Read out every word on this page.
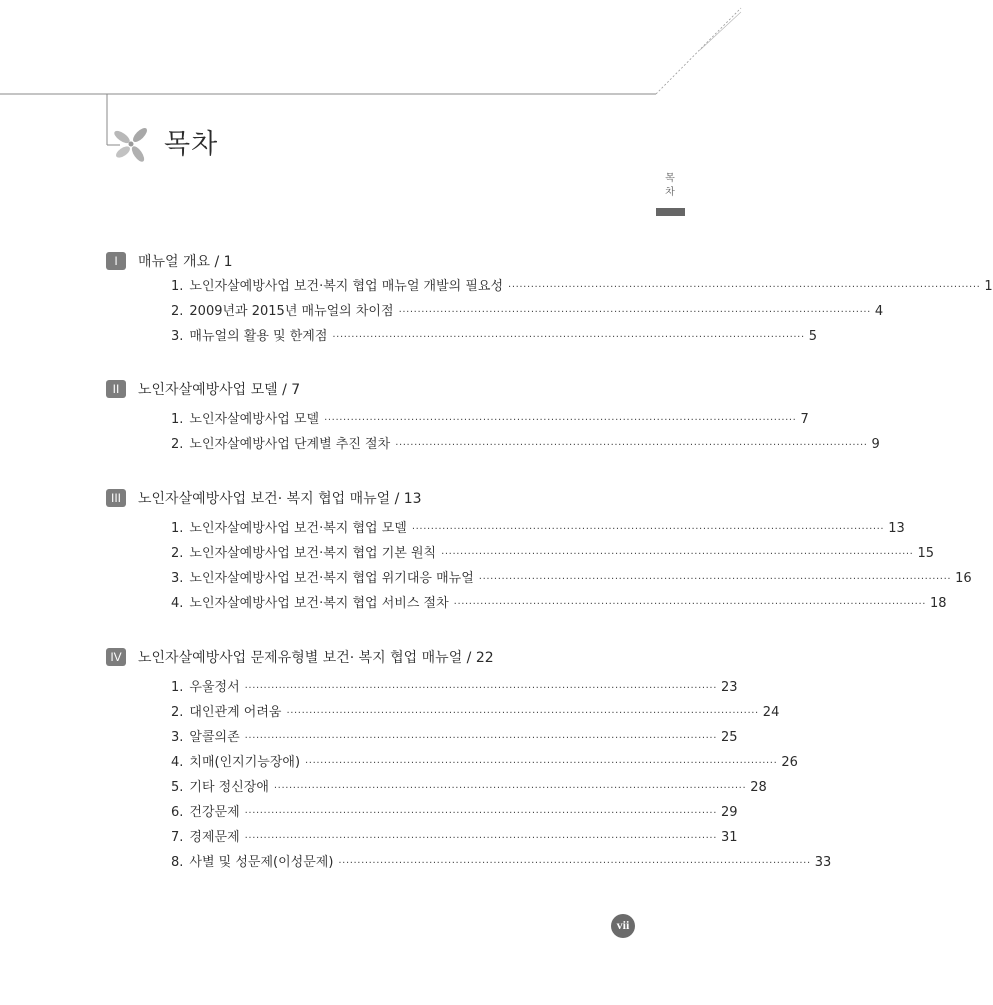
목차
목
차
I	매뉴얼 개요 / 1
1. 노인자살예방사업 보건·복지 협업 매뉴얼 개발의 필요성 ····························································································································· 1
2. 2009년과 2015년 매뉴얼의 차이점 ····························································································································· 4
3. 매뉴얼의 활용 및 한계점 ····························································································································· 5
II	노인자살예방사업 모델 / 7
1. 노인자살예방사업 모델 ····························································································································· 7
2. 노인자살예방사업 단계별 추진 절차 ····························································································································· 9
III	노인자살예방사업 보건· 복지 협업 매뉴얼 / 13
1. 노인자살예방사업 보건·복지 협업 모델 ····························································································································· 13
2. 노인자살예방사업 보건·복지 협업 기본 원칙 ····························································································································· 15
3. 노인자살예방사업 보건·복지 협업 위기대응 매뉴얼 ····························································································································· 16
4. 노인자살예방사업 보건·복지 협업 서비스 절차 ····························································································································· 18
IV	노인자살예방사업 문제유형별 보건· 복지 협업 매뉴얼 / 22
1. 우울정서 ····························································································································· 23
2. 대인관계 어려움 ····························································································································· 24
3. 알콜의존 ····························································································································· 25
4. 치매(인지기능장애) ····························································································································· 26
5. 기타 정신장애 ····························································································································· 28
6. 건강문제 ····························································································································· 29
7. 경제문제 ····························································································································· 31
8. 사별 및 성문제(이성문제) ····························································································································· 33
vii
